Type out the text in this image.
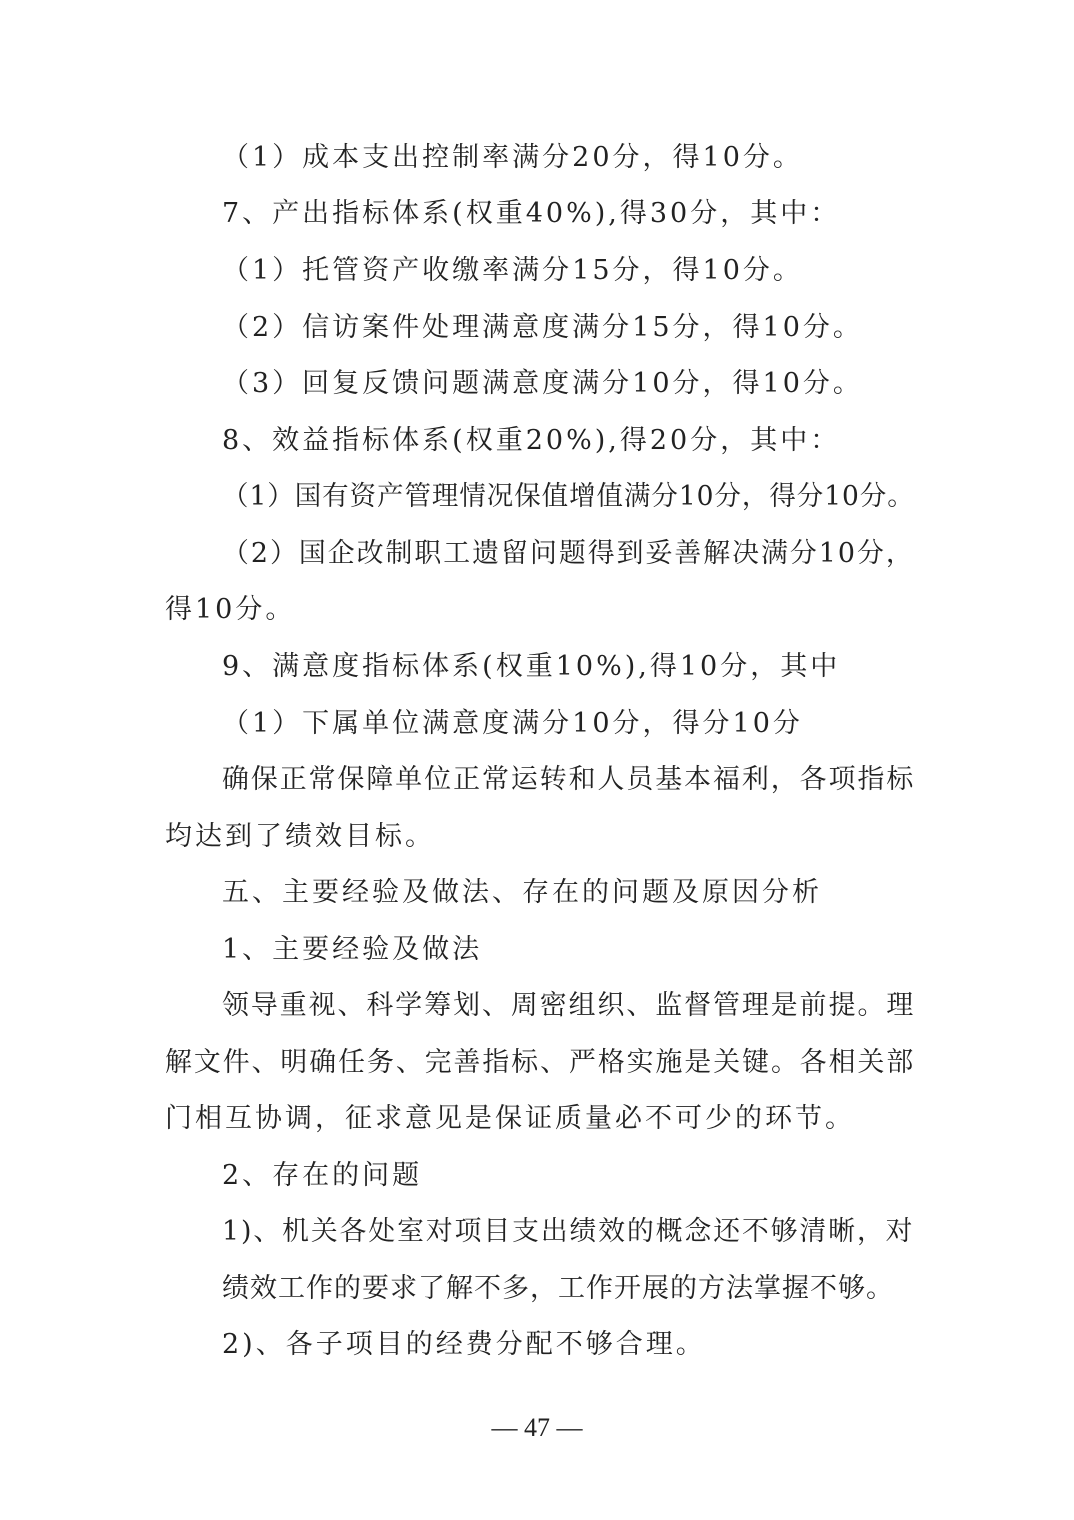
（1）成本支出控制率满分20分，得10分。
7、产出指标体系(权重40%),得30分，其中：
（1）托管资产收缴率满分15分，得10分。
（2）信访案件处理满意度满分15分，得10分。
（3）回复反馈问题满意度满分10分，得10分。
8、效益指标体系(权重20%),得20分，其中：
（1）国有资产管理情况保值增值满分10分，得分10分。
（2）国企改制职工遗留问题得到妥善解决满分10分，
得10分。
9、满意度指标体系(权重10%),得10分，其中
（1）下属单位满意度满分10分，得分10分
确保正常保障单位正常运转和人员基本福利，各项指标
均达到了绩效目标。
五、主要经验及做法、存在的问题及原因分析
1、主要经验及做法
领导重视、科学筹划、周密组织、监督管理是前提。理
解文件、明确任务、完善指标、严格实施是关键。各相关部
门相互协调，征求意见是保证质量必不可少的环节。
2、存在的问题
1)、机关各处室对项目支出绩效的概念还不够清晰，对
绩效工作的要求了解不多，工作开展的方法掌握不够。
2)、各子项目的经费分配不够合理。
— 47 —
